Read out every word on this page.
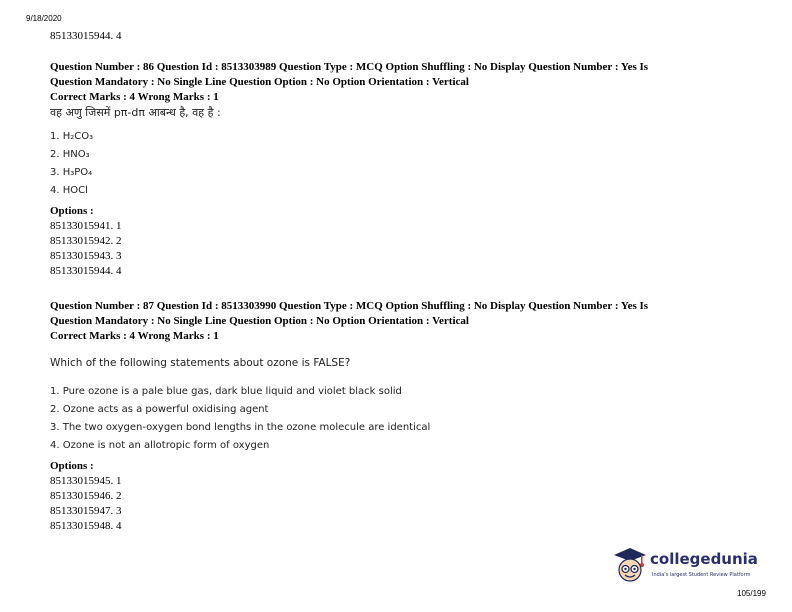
9/18/2020
85133015944. 4
Question Number : 86 Question Id : 8513303989 Question Type : MCQ Option Shuffling : No Display Question Number : Yes Is
Question Mandatory : No Single Line Question Option : No Option Orientation : Vertical
Correct Marks : 4 Wrong Marks : 1
वह अणु जिसमें pπ-dπ आबन्ध है, वह है :
1. H₂CO₃
2. HNO₃
3. H₃PO₄
4. HOCl
Options :
85133015941. 1
85133015942. 2
85133015943. 3
85133015944. 4
Question Number : 87 Question Id : 8513303990 Question Type : MCQ Option Shuffling : No Display Question Number : Yes Is
Question Mandatory : No Single Line Question Option : No Option Orientation : Vertical
Correct Marks : 4 Wrong Marks : 1
Which of the following statements about ozone is FALSE?
1. Pure ozone is a pale blue gas, dark blue liquid and violet black solid
2. Ozone acts as a powerful oxidising agent
3. The two oxygen-oxygen bond lengths in the ozone molecule are identical
4. Ozone is not an allotropic form of oxygen
Options :
85133015945. 1
85133015946. 2
85133015947. 3
85133015948. 4
collegedunia
India's largest Student Review Platform
105/199
